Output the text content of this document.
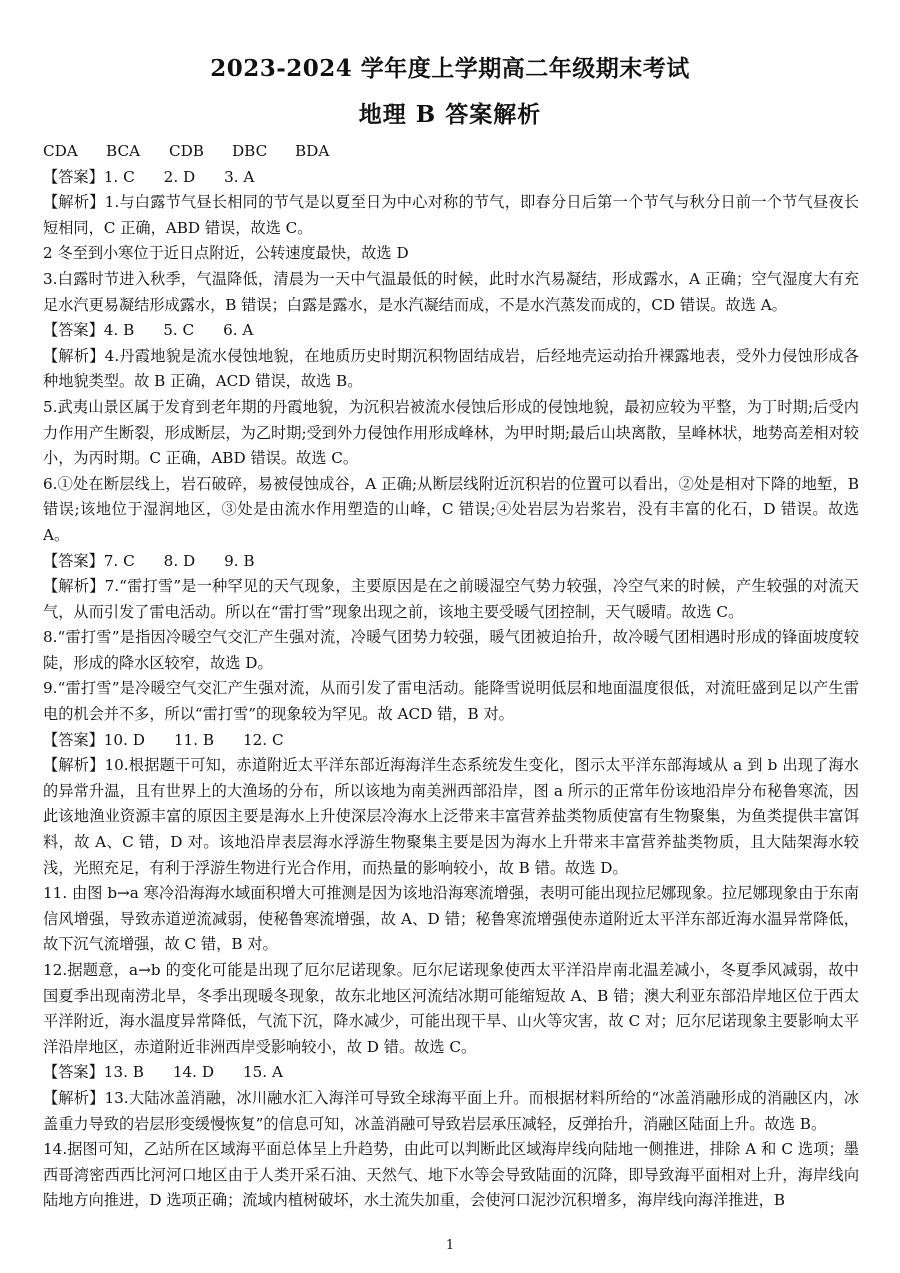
2023-2024 学年度上学期高二年级期末考试
地理 B 答案解析

CDA BCA CDB DBC BDA

【答案】1. C      2. D      3. A

【解析】1.与白露节气昼长相同的节气是以夏至日为中心对称的节气，即春分日后第一个节气与秋分日前一个节气昼夜长短相同，C 正确，ABD 错误，故选 C。

2 冬至到小寒位于近日点附近，公转速度最快，故选 D

3.白露时节进入秋季，气温降低，清晨为一天中气温最低的时候，此时水汽易凝结，形成露水，A 正确；空气湿度大有充足水汽更易凝结形成露水，B 错误；白露是露水，是水汽凝结而成，不是水汽蒸发而成的，CD 错误。故选 A。

【答案】4. B      5. C      6. A

【解析】4.丹霞地貌是流水侵蚀地貌，在地质历史时期沉积物固结成岩，后经地壳运动抬升裸露地表，受外力侵蚀形成各种地貌类型。故 B 正确，ACD 错误，故选 B。

5.武夷山景区属于发育到老年期的丹霞地貌，为沉积岩被流水侵蚀后形成的侵蚀地貌，最初应较为平整，为丁时期;后受内力作用产生断裂，形成断层，为乙时期;受到外力侵蚀作用形成峰林，为甲时期;最后山块离散，呈峰林状，地势高差相对较小，为丙时期。C 正确，ABD 错误。故选 C。

6.①处在断层线上，岩石破碎，易被侵蚀成谷，A 正确;从断层线附近沉积岩的位置可以看出，②处是相对下降的地堑，B 错误;该地位于湿润地区，③处是由流水作用塑造的山峰，C 错误;④处岩层为岩浆岩，没有丰富的化石，D 错误。故选 A。

【答案】7. C      8. D      9. B

【解析】7.“雷打雪”是一种罕见的天气现象，主要原因是在之前暖湿空气势力较强，冷空气来的时候，产生较强的对流天气，从而引发了雷电活动。所以在“雷打雪”现象出现之前，该地主要受暖气团控制，天气暖晴。故选 C。

8.“雷打雪”是指因冷暖空气交汇产生强对流，冷暖气团势力较强，暖气团被迫抬升，故冷暖气团相遇时形成的锋面坡度较陡，形成的降水区较窄，故选 D。

9.“雷打雪”是冷暖空气交汇产生强对流，从而引发了雷电活动。能降雪说明低层和地面温度很低，对流旺盛到足以产生雷电的机会并不多，所以“雷打雪”的现象较为罕见。故 ACD 错，B 对。

【答案】10. D      11. B      12. C

【解析】10.根据题干可知，赤道附近太平洋东部近海海洋生态系统发生变化，图示太平洋东部海域从 a 到 b 出现了海水的异常升温，且有世界上的大渔场的分布，所以该地为南美洲西部沿岸，图 a 所示的正常年份该地沿岸分布秘鲁寒流，因此该地渔业资源丰富的原因主要是海水上升使深层冷海水上泛带来丰富营养盐类物质使富有生物聚集，为鱼类提供丰富饵料，故 A、C 错，D 对。该地沿岸表层海水浮游生物聚集主要是因为海水上升带来丰富营养盐类物质，且大陆架海水较浅，光照充足，有利于浮游生物进行光合作用，而热量的影响较小，故 B 错。故选 D。

11. 由图 b→a 寒冷沿海海水域面积增大可推测是因为该地沿海寒流增强，表明可能出现拉尼娜现象。拉尼娜现象由于东南信风增强，导致赤道逆流减弱，使秘鲁寒流增强，故 A、D 错；秘鲁寒流增强使赤道附近太平洋东部近海水温异常降低，故下沉气流增强，故 C 错，B 对。

12.据题意，a→b 的变化可能是出现了厄尔尼诺现象。厄尔尼诺现象使西太平洋沿岸南北温差减小，冬夏季风减弱，故中国夏季出现南涝北旱，冬季出现暖冬现象，故东北地区河流结冰期可能缩短故 A、B 错；澳大利亚东部沿岸地区位于西太平洋附近，海水温度异常降低，气流下沉，降水减少，可能出现干旱、山火等灾害，故 C 对；厄尔尼诺现象主要影响太平洋沿岸地区，赤道附近非洲西岸受影响较小，故 D 错。故选 C。

【答案】13. B      14. D      15. A

【解析】13.大陆冰盖消融，冰川融水汇入海洋可导致全球海平面上升。而根据材料所给的“冰盖消融形成的消融区内，冰盖重力导致的岩层形变缓慢恢复”的信息可知，冰盖消融可导致岩层承压减轻，反弹抬升，消融区陆面上升。故选 B。

14.据图可知，乙站所在区域海平面总体呈上升趋势，由此可以判断此区域海岸线向陆地一侧推进，排除 A 和 C 选项；墨西哥湾密西西比河河口地区由于人类开采石油、天然气、地下水等会导致陆面的沉降，即导致海平面相对上升，海岸线向陆地方向推进，D 选项正确；流域内植树破坏，水土流失加重，会使河口泥沙沉积增多，海岸线向海洋推进，B

1
